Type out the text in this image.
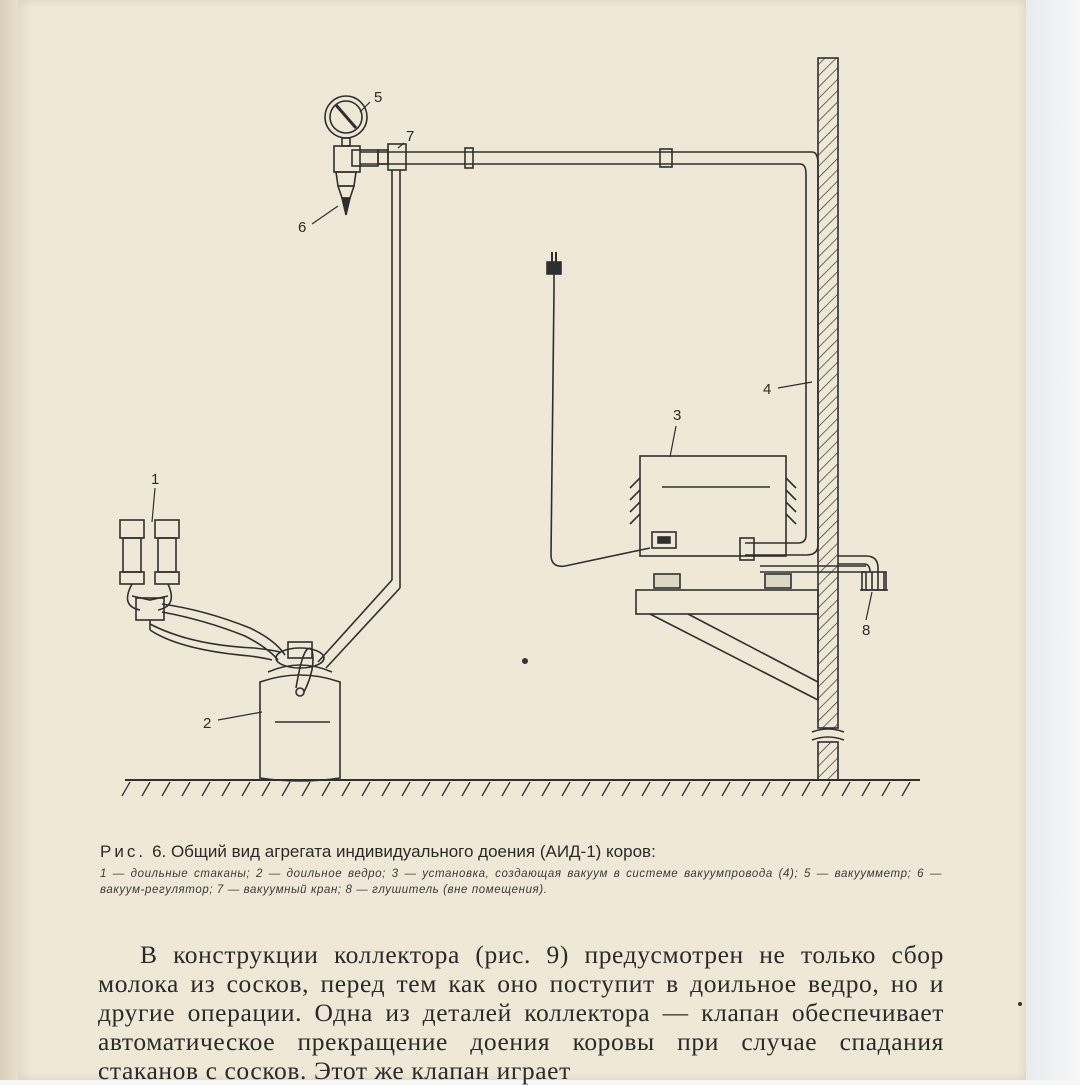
1
2
3
4
5
6
7
8
Рис. 6. Общий вид агрегата индивидуального доения (АИД-1) коров:
1 — доильные стаканы; 2 — доильное ведро; 3 — установка, создающая вакуум в системе вакуумпровода (4); 5 — вакуумметр; 6 — вакуум-регулятор; 7 — вакуумный кран; 8 — глушитель (вне помещения).
В конструкции коллектора (рис. 9) предусмотрен не только сбор молока из сосков, перед тем как оно поступит в доильное ведро, но и другие операции. Одна из деталей коллектора — клапан обеспечивает автоматическое прекращение доения коровы при случае спадания стаканов с сосков. Этот же клапан играет
